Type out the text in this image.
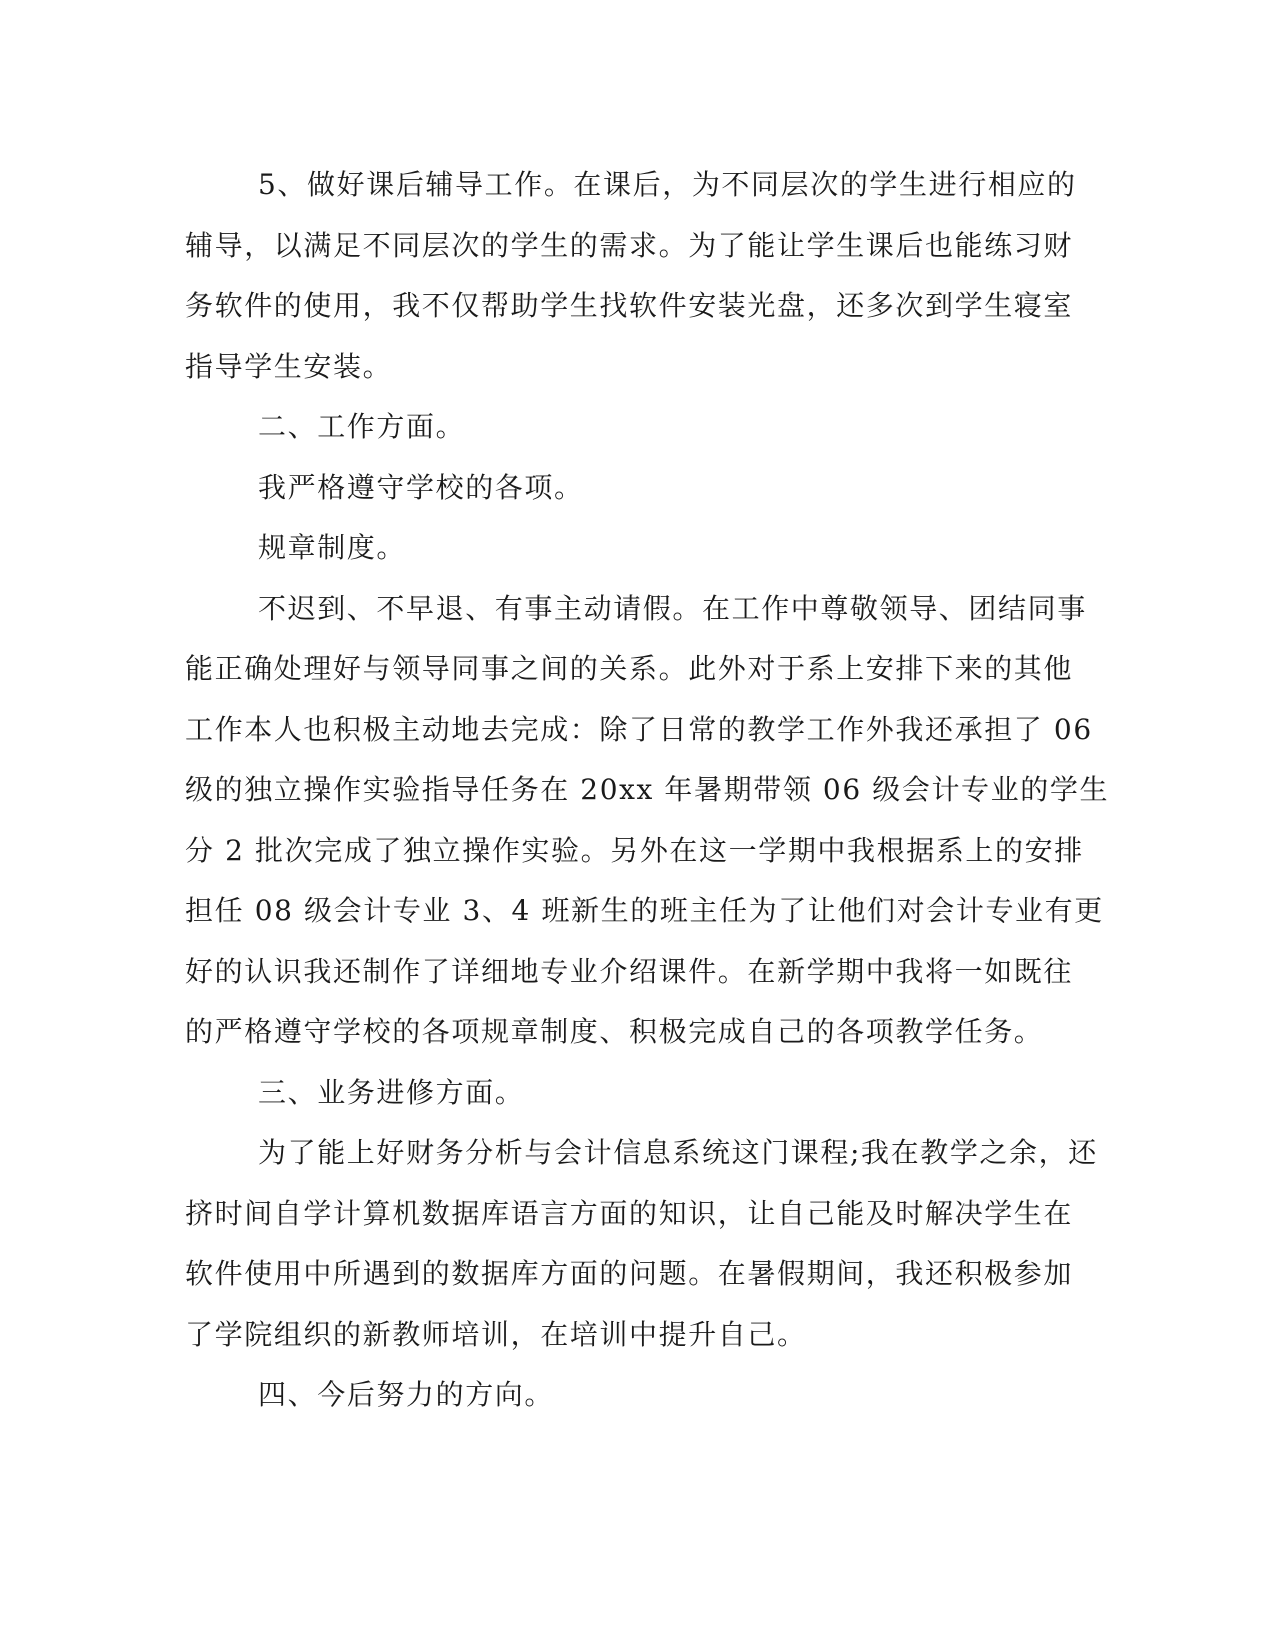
5、做好课后辅导工作。在课后，为不同层次的学生进行相应的
辅导，以满足不同层次的学生的需求。为了能让学生课后也能练习财
务软件的使用，我不仅帮助学生找软件安装光盘，还多次到学生寝室
指导学生安装。
二、工作方面。
我严格遵守学校的各项。
规章制度。
不迟到、不早退、有事主动请假。在工作中尊敬领导、团结同事
能正确处理好与领导同事之间的关系。此外对于系上安排下来的其他
工作本人也积极主动地去完成：除了日常的教学工作外我还承担了 06
级的独立操作实验指导任务在 20xx 年暑期带领 06 级会计专业的学生
分 2 批次完成了独立操作实验。另外在这一学期中我根据系上的安排
担任 08 级会计专业 3、4 班新生的班主任为了让他们对会计专业有更
好的认识我还制作了详细地专业介绍课件。在新学期中我将一如既往
的严格遵守学校的各项规章制度、积极完成自己的各项教学任务。
三、业务进修方面。
为了能上好财务分析与会计信息系统这门课程;我在教学之余，还
挤时间自学计算机数据库语言方面的知识，让自己能及时解决学生在
软件使用中所遇到的数据库方面的问题。在暑假期间，我还积极参加
了学院组织的新教师培训，在培训中提升自己。
四、今后努力的方向。
